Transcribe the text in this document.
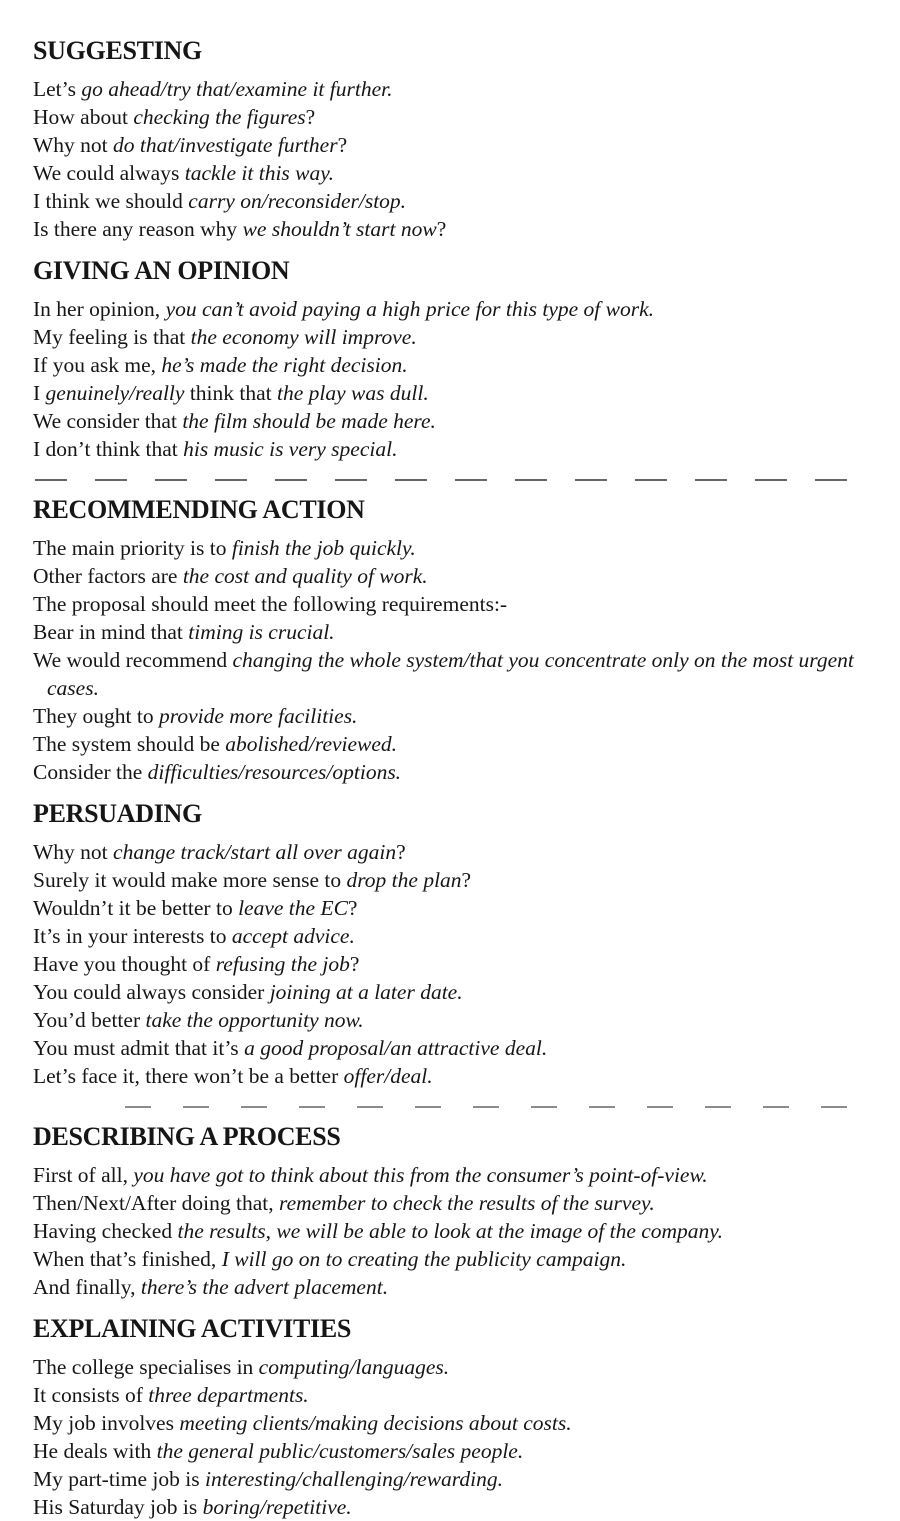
SUGGESTING

Let’s go ahead/try that/examine it further.

How about checking the figures?

Why not do that/investigate further?

We could always tackle it this way.

I think we should carry on/reconsider/stop.

Is there any reason why we shouldn’t start now?

GIVING AN OPINION

In her opinion, you can’t avoid paying a high price for this type of work.

My feeling is that the economy will improve.

If you ask me, he’s made the right decision.

I genuinely/really think that the play was dull.

We consider that the film should be made here.

I don’t think that his music is very special.

RECOMMENDING ACTION

The main priority is to finish the job quickly.

Other factors are the cost and quality of work.

The proposal should meet the following requirements:-

Bear in mind that timing is crucial.

We would recommend changing the whole system/that you concentrate only on the most urgent cases.

They ought to provide more facilities.

The system should be abolished/reviewed.

Consider the difficulties/resources/options.

PERSUADING

Why not change track/start all over again?

Surely it would make more sense to drop the plan?

Wouldn’t it be better to leave the EC?

It’s in your interests to accept advice.

Have you thought of refusing the job?

You could always consider joining at a later date.

You’d better take the opportunity now.

You must admit that it’s a good proposal/an attractive deal.

Let’s face it, there won’t be a better offer/deal.

DESCRIBING A PROCESS

First of all, you have got to think about this from the consumer’s point-of-view.

Then/Next/After doing that, remember to check the results of the survey.

Having checked the results, we will be able to look at the image of the company.

When that’s finished, I will go on to creating the publicity campaign.

And finally, there’s the advert placement.

EXPLAINING ACTIVITIES

The college specialises in computing/languages.

It consists of three departments.

My job involves meeting clients/making decisions about costs.

He deals with the general public/customers/sales people.

My part-time job is interesting/challenging/rewarding.

His Saturday job is boring/repetitive.
